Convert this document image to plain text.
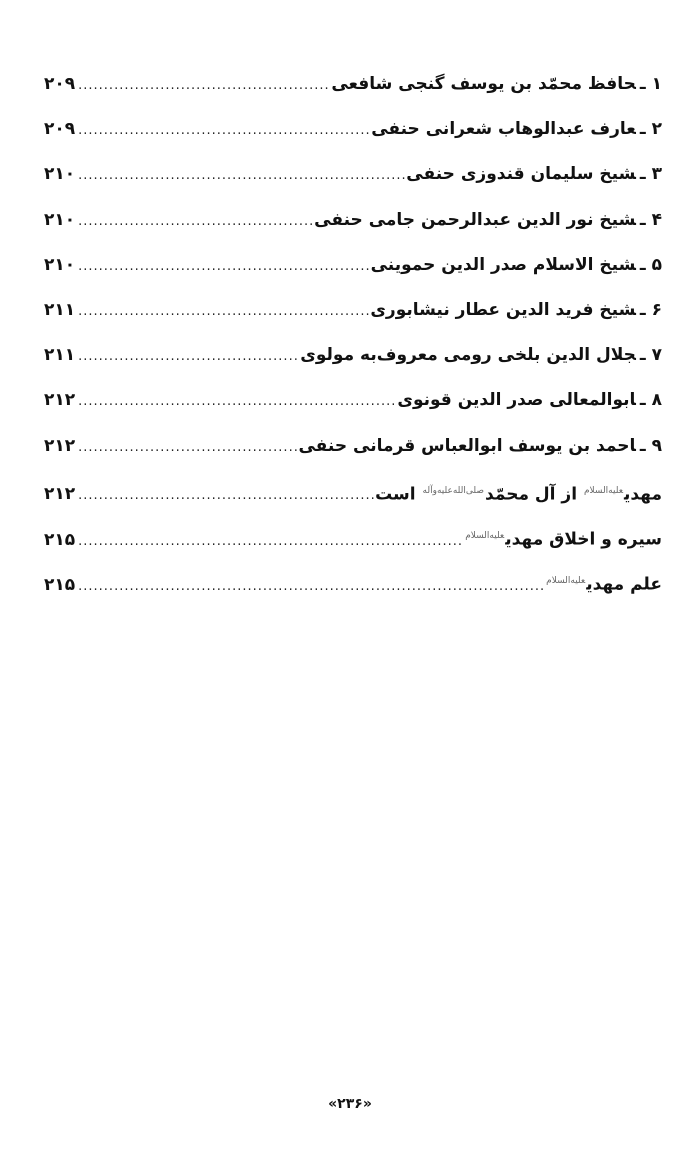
۱ ـحافظ محمّد بن یوسف گنجی شافعی
.....
۲۰۹
۲ ـعارف عبدالوهاب شعرانی حنفی
.....
۲۰۹
۳ ـشیخ سلیمان قندوزی حنفی
.....
۲۱۰
۴ ـشیخ نور الدین عبدالرحمن جامی حنفی
.....
۲۱۰
۵ ـشیخ الاسلام صدر الدین حموینی
.....
۲۱۰
۶ ـشیخ فرید الدین عطار نیشابوری
.....
۲۱۱
۷ ـجلال الدین بلخی رومی معروف‌به مولوی
.....
۲۱۱
۸ ـابوالمعالی صدر الدین قونوی
.....
۲۱۲
۹ ـاحمد بن یوسف ابوالعباس قرمانی حنفی
.....
۲۱۲
مهدی$^{علیه‌السلام}$ از آل محمّد$^{صلی‌الله‌علیه‌وآله}$ است
.....
۲۱۲
سیره و اخلاق مهدی$^{علیه‌السلام}$
.....
۲۱۵
علم مهدی$^{علیه‌السلام}$
.....
۲۱۵
«۲۳۶»
